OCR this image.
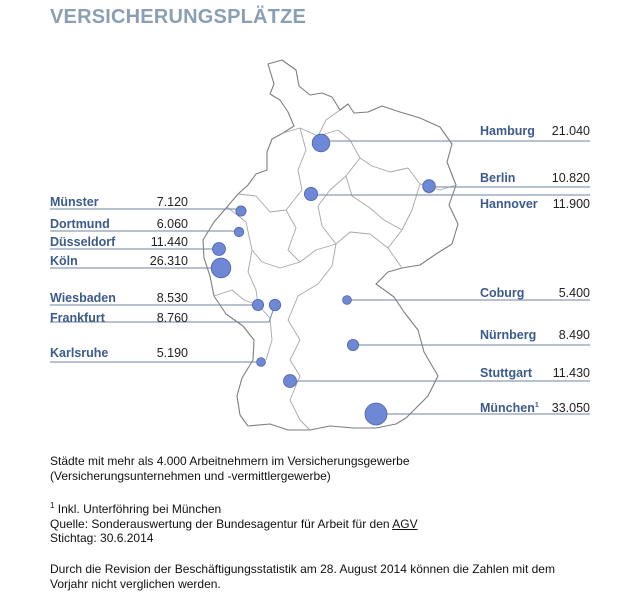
VERSICHERUNGSPLÄTZE
Hamburg 21.040
Berlin	10.820
Hannover 11.900
Münster	7.120
Dortmund	6.060
Düsseldorf	11.440
Köln	26.310
Wiesbaden	8.530
Frankfurt	8.760
Coburg	5.400
Karlsruhe	5.190
Nürnberg 8.490
Stuttgart 11.430
München$^1$ 33.050

Städte mit mehr als 4.000 Arbeitnehmern im Versicherungsgewerbe
(Versicherungsunternehmen und -vermittlergewerbe)

$^1$ Inkl. Unterföhring bei München
Quelle: Sonderauswertung der Bundesagentur für Arbeit für den AGV
Stichtag: 30.6.2014

Durch die Revision der Beschäftigungsstatistik am 28. August 2014 können die Zahlen mit dem
Vorjahr nicht verglichen werden.
